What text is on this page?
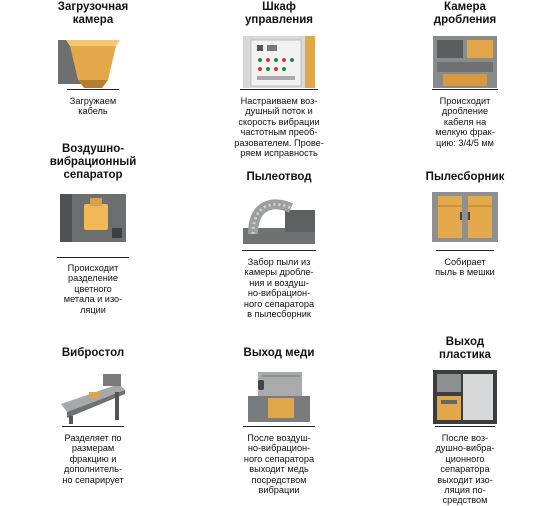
Загрузочная
камера
Загружаем
кабель
Шкаф
управления
Настраиваем воз-
душный поток и
скорость вибрации
частотным преоб-
разователем. Прове-
ряем исправность
Камера
дробления
Происходит
дробление
кабеля на
мелкую фрак-
цию: 3/4/5 мм
Воздушно-
вибрационный
сепаратор
Происходит
разделение
цветного
метала и изо-
ляции
Пылеотвод
Забор пыли из
камеры дробле-
ния и воздуш-
но-вибрацион-
ного сепаратора
в пылесборник
Пылесборник
Собирает
пыль в мешки
Вибростол
Разделяет по
размерам
фракцию и
дополнитель-
но сепарирует
Выход меди
После воздуш-
но-вибрацион-
ного сепаратора
выходит медь
посредством
вибрации
Выход
пластика
После воз-
душно-вибра-
ционного
сепаратора
выходит изо-
ляция по-
средством
